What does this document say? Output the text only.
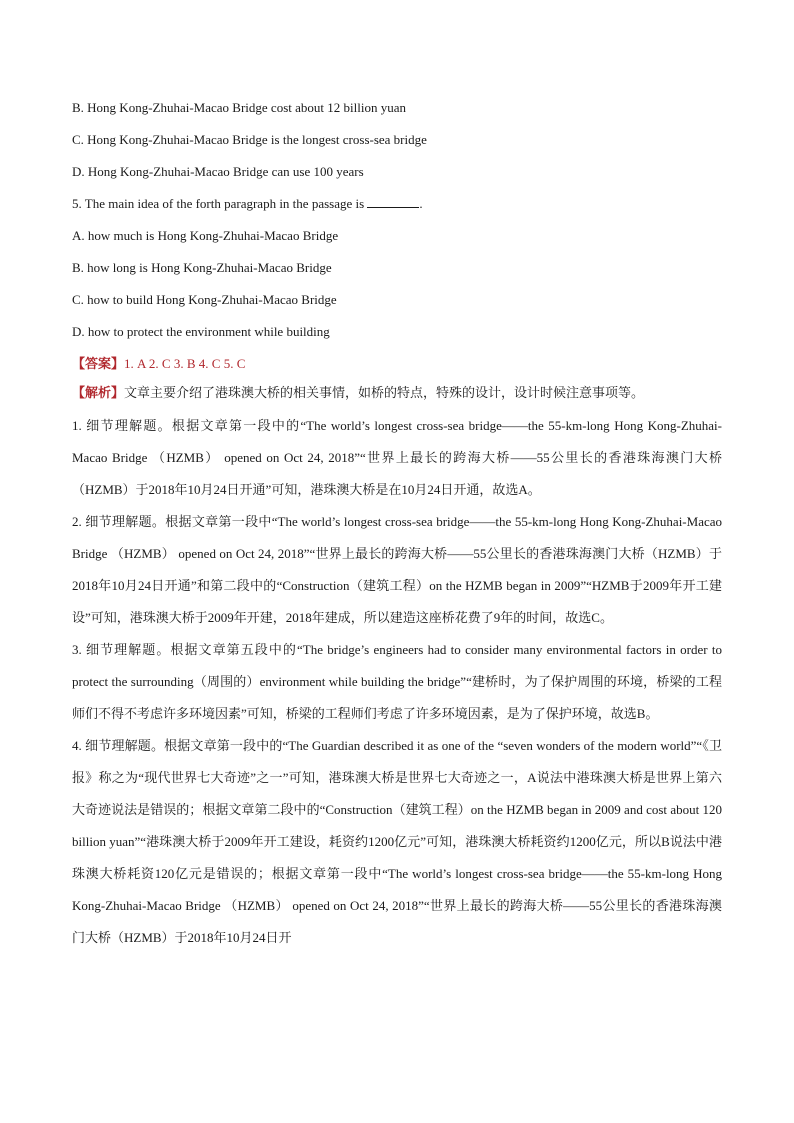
B. Hong Kong-Zhuhai-Macao Bridge cost about 12 billion yuan
C. Hong Kong-Zhuhai-Macao Bridge is the longest cross-sea bridge
D. Hong Kong-Zhuhai-Macao Bridge can use 100 years
5. The main idea of the forth paragraph in the passage is	.
A. how much is Hong Kong-Zhuhai-Macao Bridge
B. how long is Hong Kong-Zhuhai-Macao Bridge
C. how to build Hong Kong-Zhuhai-Macao Bridge
D. how to protect the environment while building
【答案】1. A 2. C 3. B 4. C 5. C

【解析】文章主要介绍了港珠澳大桥的相关事情，如桥的特点，特殊的设计，设计时候注意事项等。

1. 细节理解题。根据文章第一段中的“The world’s longest cross-sea bridge——the 55-km-long Hong Kong-Zhuhai-Macao Bridge （HZMB） opened on Oct 24, 2018”“世界上最长的跨海大桥——55公里长的香港珠海澳门大桥（HZMB）于2018年10月24日开通”可知，港珠澳大桥是在10月24日开通，故选A。

2. 细节理解题。根据文章第一段中“The world’s longest cross-sea bridge——the 55-km-long Hong Kong-Zhuhai-Macao Bridge （HZMB） opened on Oct 24, 2018”“世界上最长的跨海大桥——55公里长的香港珠海澳门大桥（HZMB）于2018年10月24日开通”和第二段中的“Construction（建筑工程）on the HZMB began in 2009”“HZMB于2009年开工建设”可知，港珠澳大桥于2009年开建，2018年建成，所以建造这座桥花费了9年的时间，故选C。

3. 细节理解题。根据文章第五段中的“The bridge’s engineers had to consider many environmental factors in order to protect the surrounding（周围的）environment while building the bridge”“建桥时，为了保护周围的环境，桥梁的工程师们不得不考虑许多环境因素”可知，桥梁的工程师们考虑了许多环境因素，是为了保护环境，故选B。

4. 细节理解题。根据文章第一段中的“The Guardian described it as one of the “seven wonders of the modern world”“《卫报》称之为“现代世界七大奇迹”之一”可知，港珠澳大桥是世界七大奇迹之一，A说法中港珠澳大桥是世界上第六大奇迹说法是错误的；根据文章第二段中的“Construction（建筑工程）on the HZMB began in 2009 and cost about 120 billion yuan”“港珠澳大桥于2009年开工建设，耗资约1200亿元”可知，港珠澳大桥耗资约1200亿元，所以B说法中港珠澳大桥耗资120亿元是错误的；根据文章第一段中“The world’s longest cross-sea bridge——the 55-km-long Hong Kong-Zhuhai-Macao Bridge （HZMB） opened on Oct 24, 2018”“世界上最长的跨海大桥——55公里长的香港珠海澳门大桥（HZMB）于2018年10月24日开
